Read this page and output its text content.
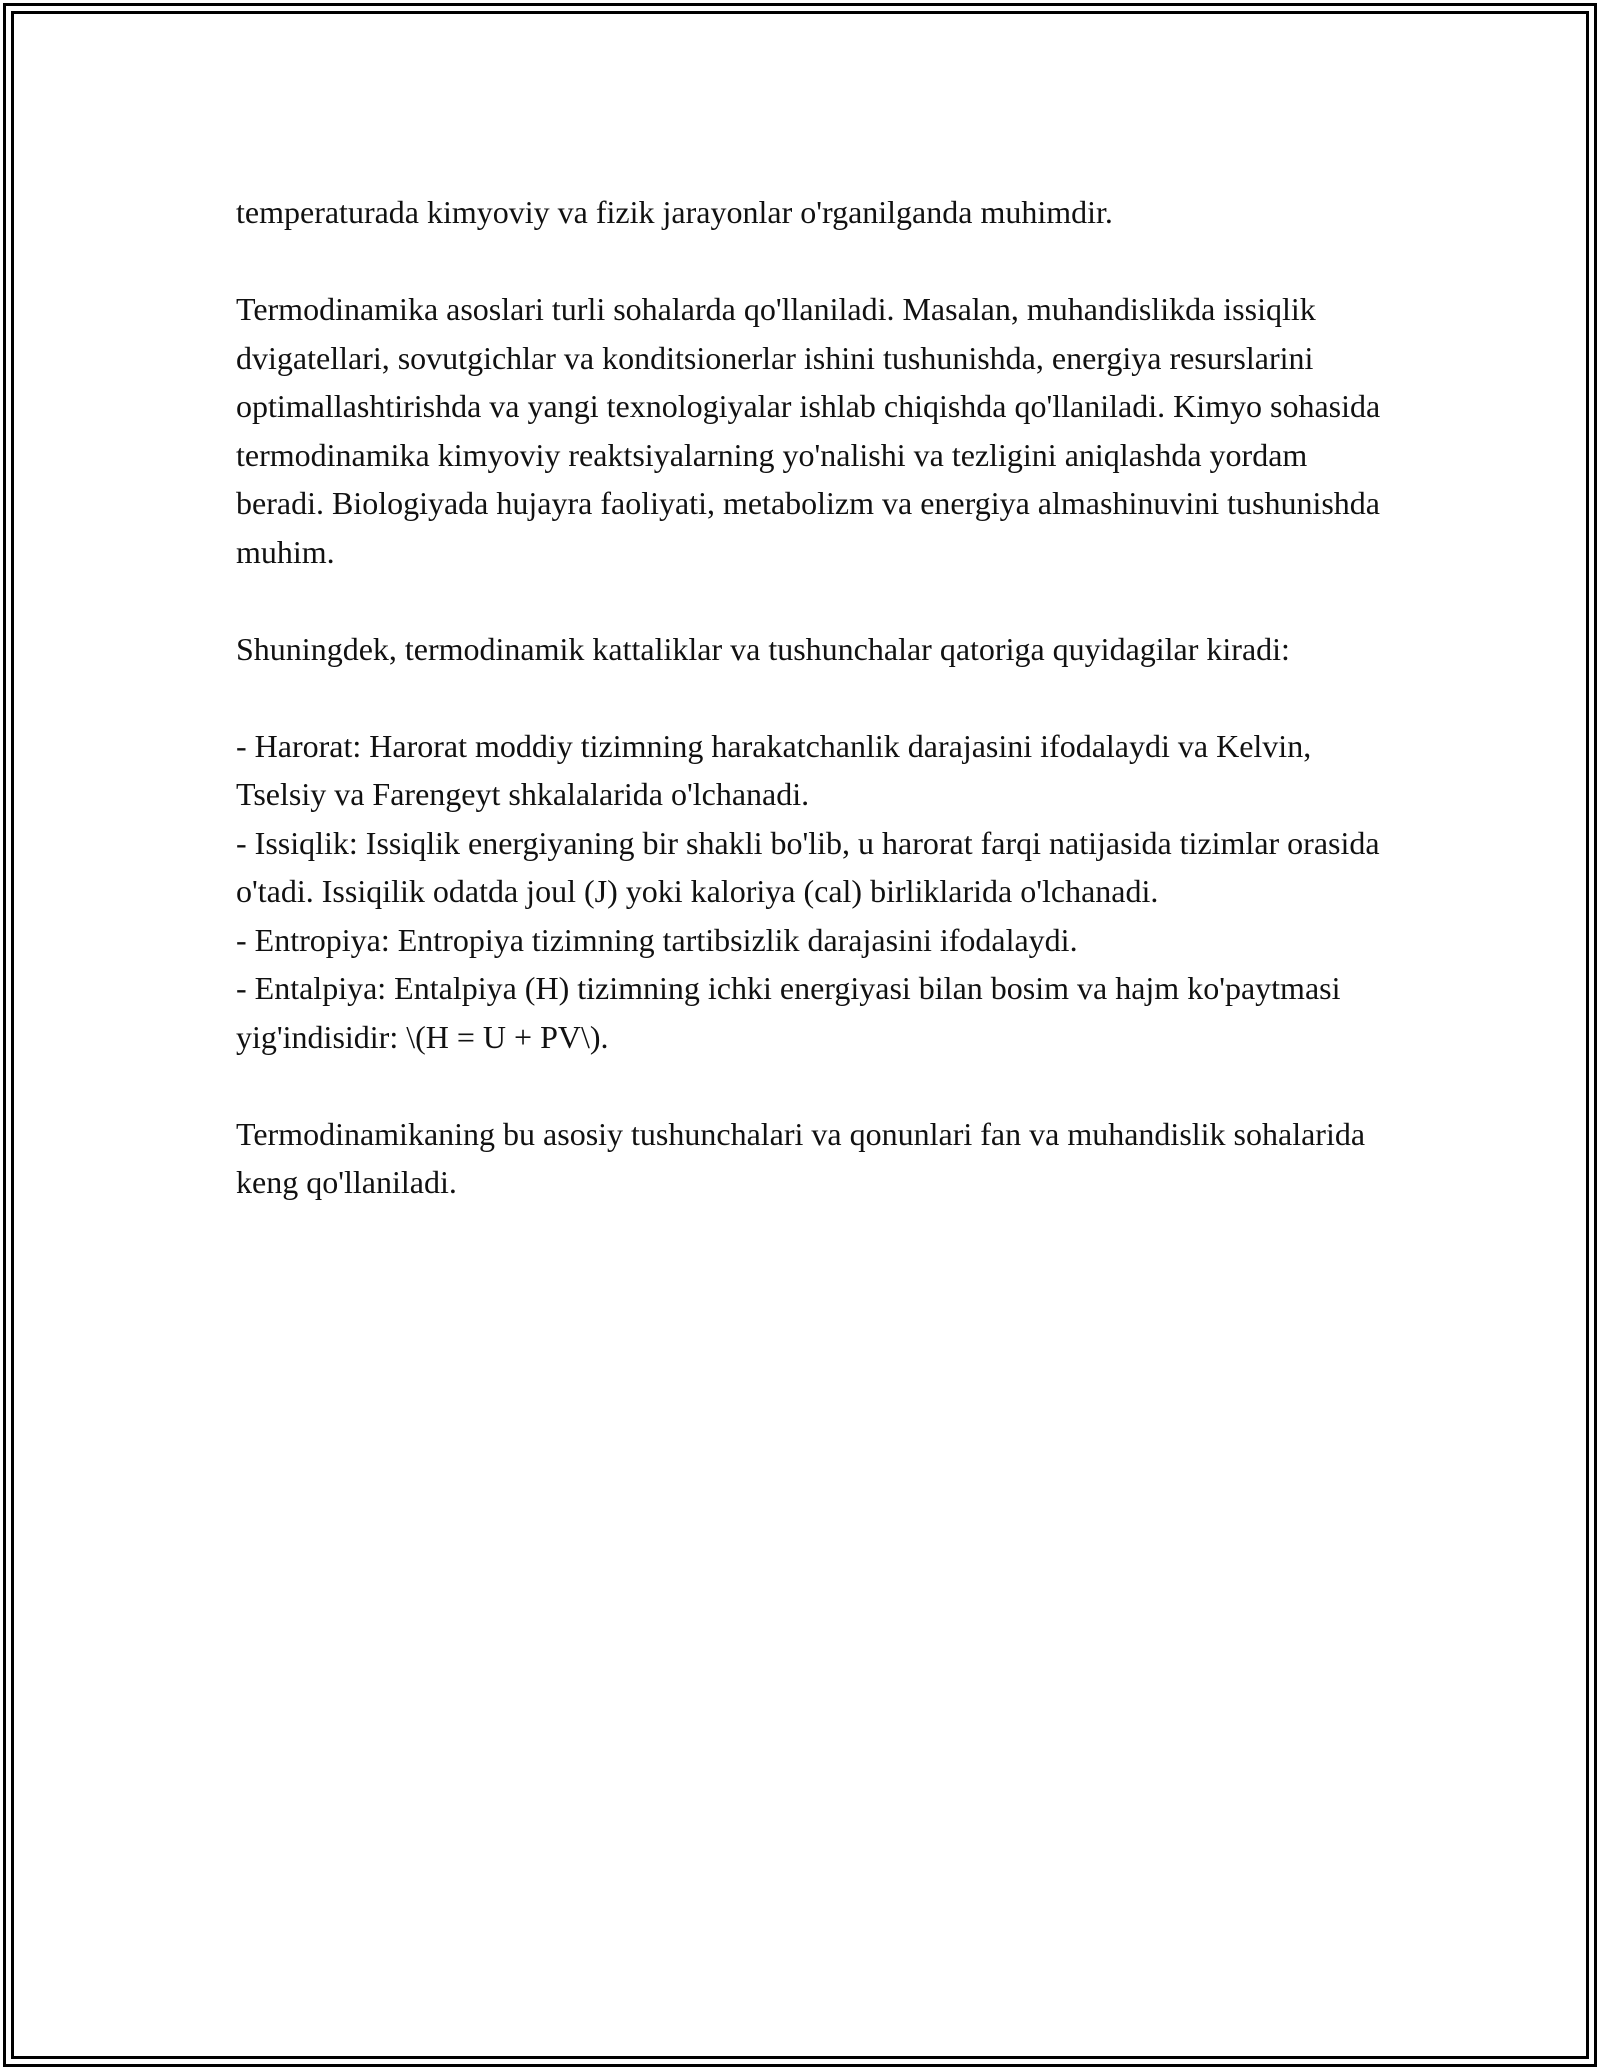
temperaturada kimyoviy va fizik jarayonlar o'rganilganda muhimdir.

Termodinamika asoslari turli sohalarda qo'llaniladi. Masalan, muhandislikda issiqlik dvigatellari, sovutgichlar va konditsionerlar ishini tushunishda, energiya resurslarini optimallashtirishda va yangi texnologiyalar ishlab chiqishda qo'llaniladi. Kimyo sohasida termodinamika kimyoviy reaktsiyalarning yo'nalishi va tezligini aniqlashda yordam beradi. Biologiyada hujayra faoliyati, metabolizm va energiya almashinuvini tushunishda muhim.

Shuningdek, termodinamik kattaliklar va tushunchalar qatoriga quyidagilar kiradi:

- Harorat: Harorat moddiy tizimning harakatchanlik darajasini ifodalaydi va Kelvin, Tselsiy va Farengeyt shkalalarida o'lchanadi.
- Issiqlik: Issiqlik energiyaning bir shakli bo'lib, u harorat farqi natijasida tizimlar orasida o'tadi. Issiqilik odatda joul (J) yoki kaloriya (cal) birliklarida o'lchanadi.
- Entropiya: Entropiya tizimning tartibsizlik darajasini ifodalaydi.
- Entalpiya: Entalpiya (H) tizimning ichki energiyasi bilan bosim va hajm ko'paytmasi yig'indisidir: \(H = U + PV\).

Termodinamikaning bu asosiy tushunchalari va qonunlari fan va muhandislik sohalarida keng qo'llaniladi.
